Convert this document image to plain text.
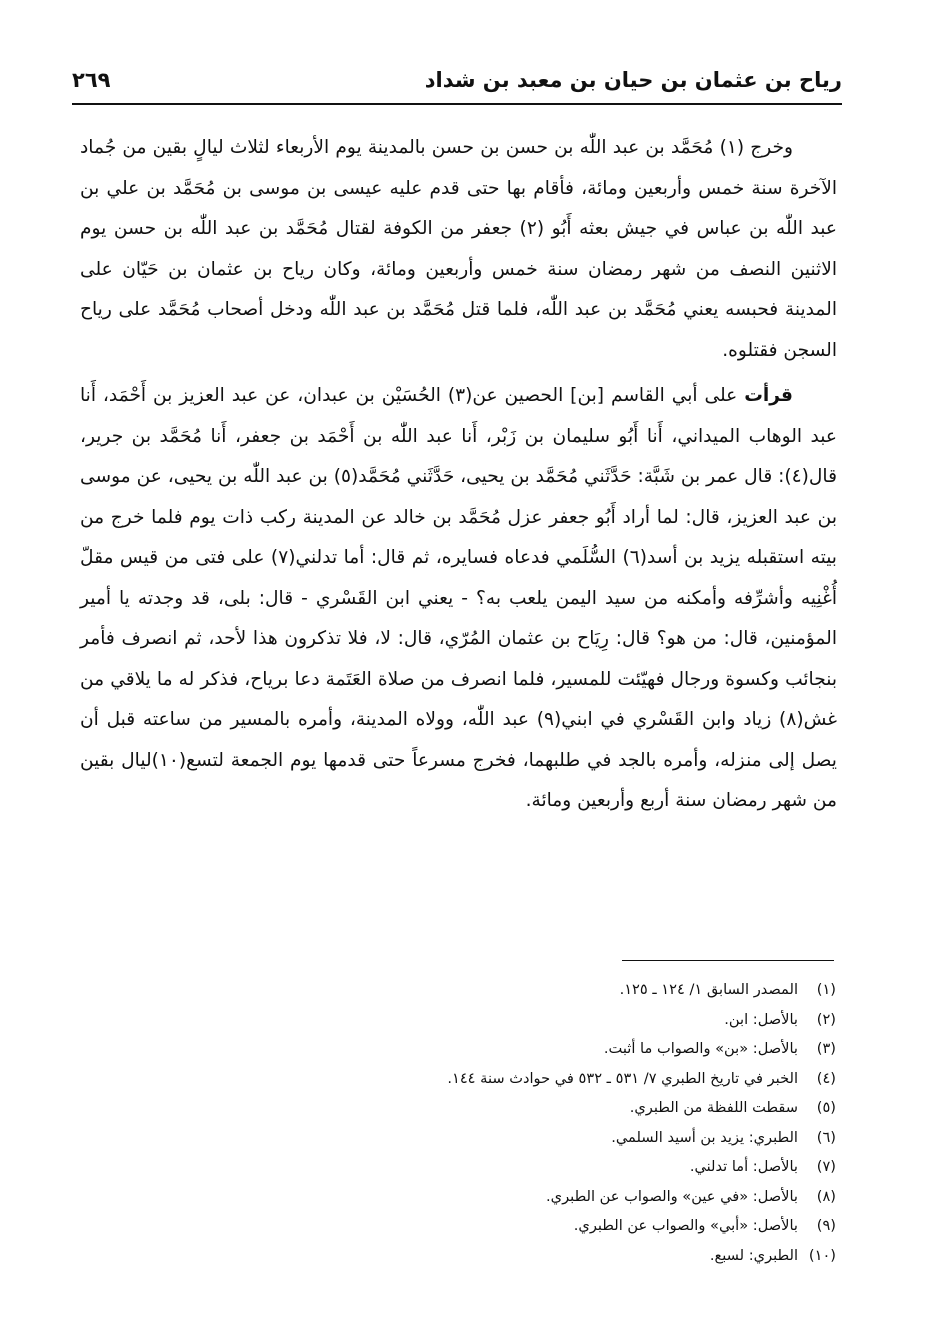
رياح بن عثمان بن حيان بن معبد بن شداد
٢٦٩

وخرج (١) مُحَمَّد بن عبد اللّٰه بن حسن بن حسن بالمدينة يوم الأربعاء لثلاث ليالٍ بقين من جُماد الآخرة سنة خمس وأربعين ومائة، فأقام بها حتى قدم عليه عيسى بن موسى بن مُحَمَّد بن علي بن عبد اللّٰه بن عباس في جيش بعثه أَبُو (٢) جعفر من الكوفة لقتال مُحَمَّد بن عبد اللّٰه بن حسن يوم الاثنين النصف من شهر رمضان سنة خمس وأربعين ومائة، وكان رياح بن عثمان بن حَيّان على المدينة فحبسه يعني مُحَمَّد بن عبد اللّٰه، فلما قتل مُحَمَّد بن عبد اللّٰه ودخل أصحاب مُحَمَّد على رياح السجن فقتلوه.

قرأت على أبي القاسم [بن] الحصين عن(٣) الحُسَيْن بن عبدان، عن عبد العزيز بن أَحْمَد، أَنا عبد الوهاب الميداني، أَنا أَبُو سليمان بن زَبْر، أَنا عبد اللّٰه بن أَحْمَد بن جعفر، أَنا مُحَمَّد بن جرير، قال(٤): قال عمر بن شَبَّة: حَدَّثَني مُحَمَّد بن يحيى، حَدَّثَني مُحَمَّد(٥) بن عبد اللّٰه بن يحيى، عن موسى بن عبد العزيز، قال: لما أراد أَبُو جعفر عزل مُحَمَّد بن خالد عن المدينة ركب ذات يوم فلما خرج من بيته استقبله يزيد بن أسد(٦) السُّلَمي فدعاه فسايره، ثم قال: أما تدلني(٧) على فتى من قيس مقلّ أُغْنِيه وأشرِّفه وأمكنه من سيد اليمن يلعب به؟ - يعني ابن القَسْري - قال: بلى، قد وجدته يا أمير المؤمنين، قال: من هو؟ قال: رِيَاح بن عثمان المُرّي، قال: لا، فلا تذكرون هذا لأحد، ثم انصرف فأمر بنجائب وكسوة ورجال فهيّئت للمسير، فلما انصرف من صلاة العَتَمة دعا برياح، فذكر له ما يلاقي من غش(٨) زياد وابن القَسْري في ابني(٩) عبد اللّٰه، وولاه المدينة، وأمره بالمسير من ساعته قبل أن يصل إلى منزله، وأمره بالجد في طلبهما، فخرج مسرعاً حتى قدمها يوم الجمعة لتسع(١٠)ليال بقين من شهر رمضان سنة أربع وأربعين ومائة.

(١)المصدر السابق ١/ ١٢٤ ـ ١٢٥.
(٢)بالأصل: ابن.
(٣)بالأصل: «بن» والصواب ما أثبت.
(٤)الخبر في تاريخ الطبري ٧/ ٥٣١ ـ ٥٣٢ في حوادث سنة ١٤٤.
(٥)سقطت اللفظة من الطبري.
(٦)الطبري: يزيد بن أسيد السلمي.
(٧)بالأصل: أما تدلني.
(٨)بالأصل: «في عين» والصواب عن الطبري.
(٩)بالأصل: «أبي» والصواب عن الطبري.
(١٠)الطبري: لسبع.
